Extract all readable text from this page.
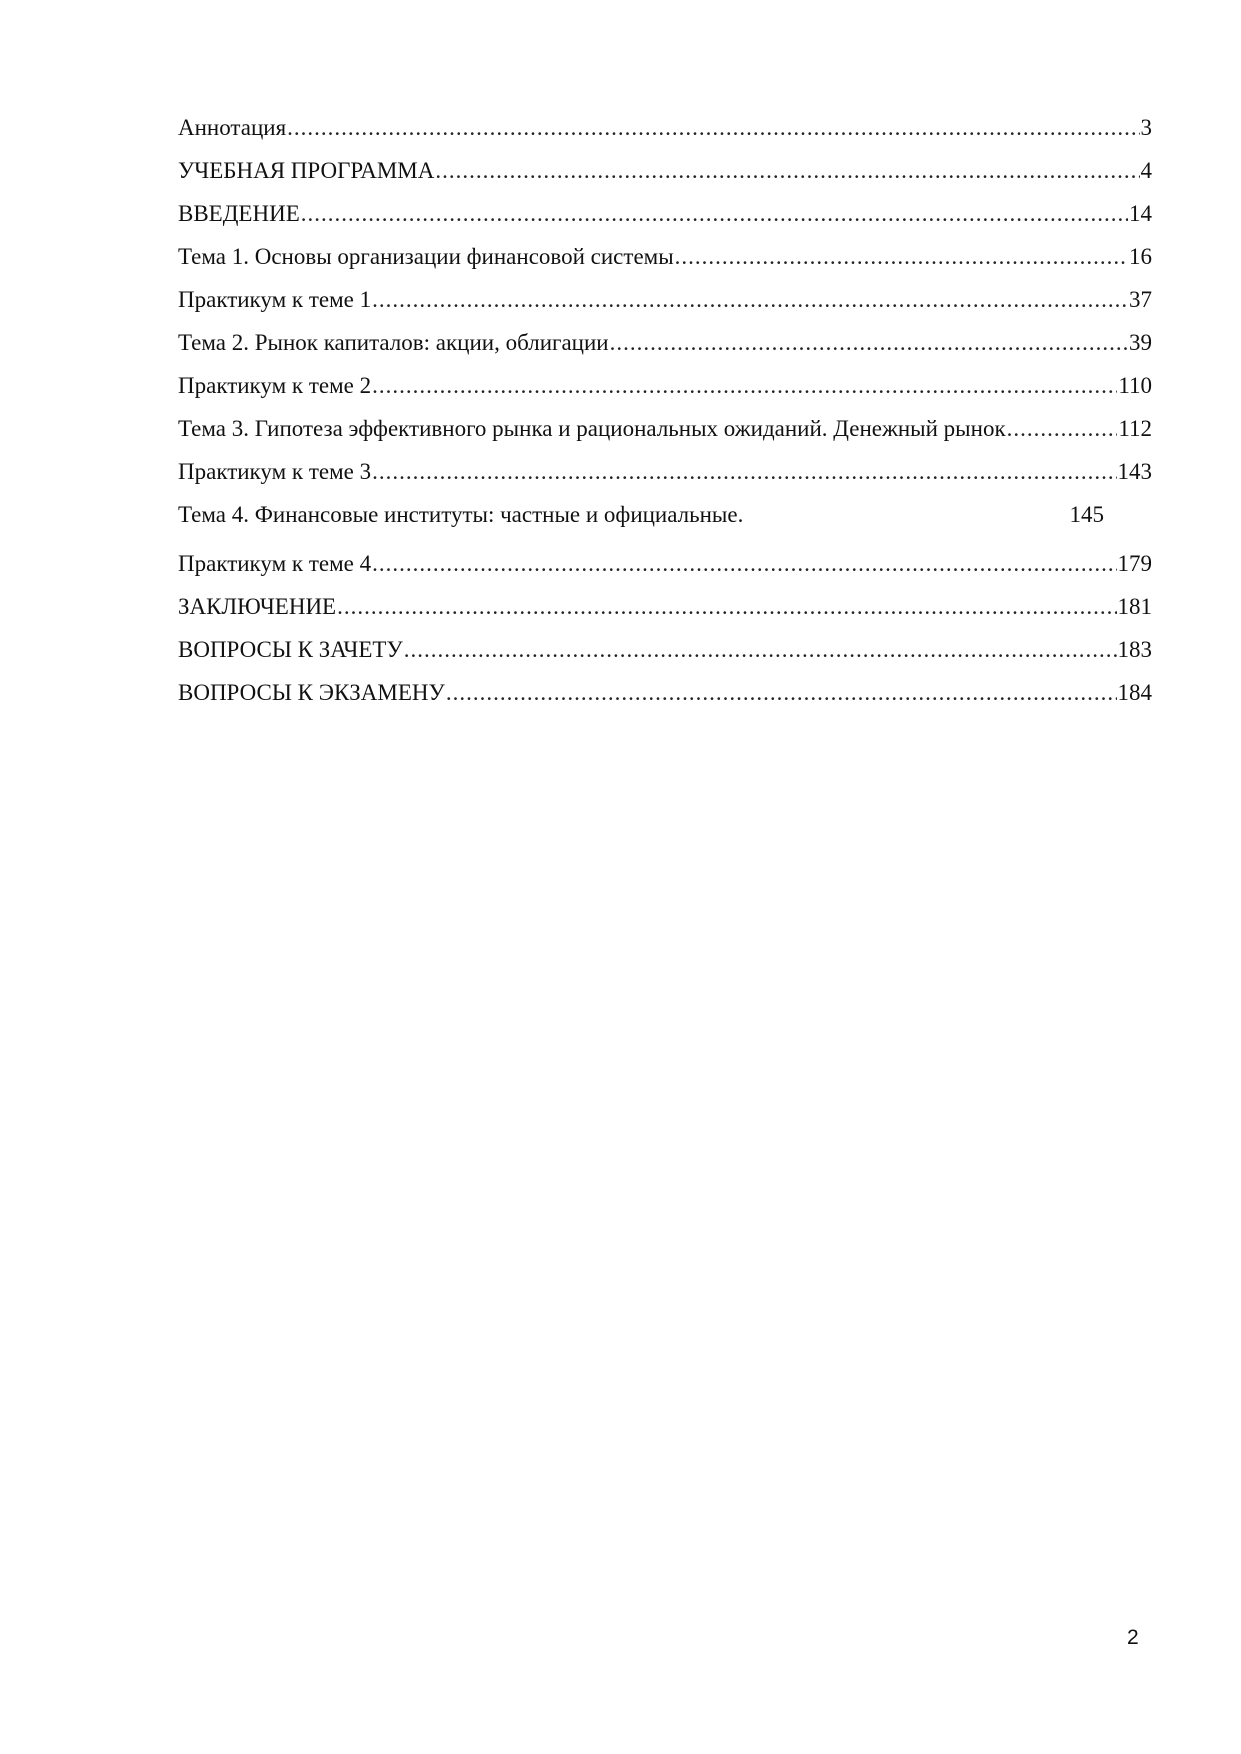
Аннотация .....	3
УЧЕБНАЯ ПРОГРАММА .....	4
ВВЕДЕНИЕ .....	14
Тема 1. Основы организации финансовой системы .....	16
Практикум к теме 1 .....	37
Тема 2. Рынок капиталов: акции, облигации .....	39
Практикум к теме 2 .....	110
Тема 3. Гипотеза эффективного рынка и рациональных ожиданий. Денежный рынок .....	112
Практикум к теме 3 .....	143
Тема 4. Финансовые институты: частные и официальные.	145
Практикум к теме 4 .....	179
ЗАКЛЮЧЕНИЕ .....	181
ВОПРОСЫ К ЗАЧЕТУ .....	183
ВОПРОСЫ К ЭКЗАМЕНУ .....	184
2
